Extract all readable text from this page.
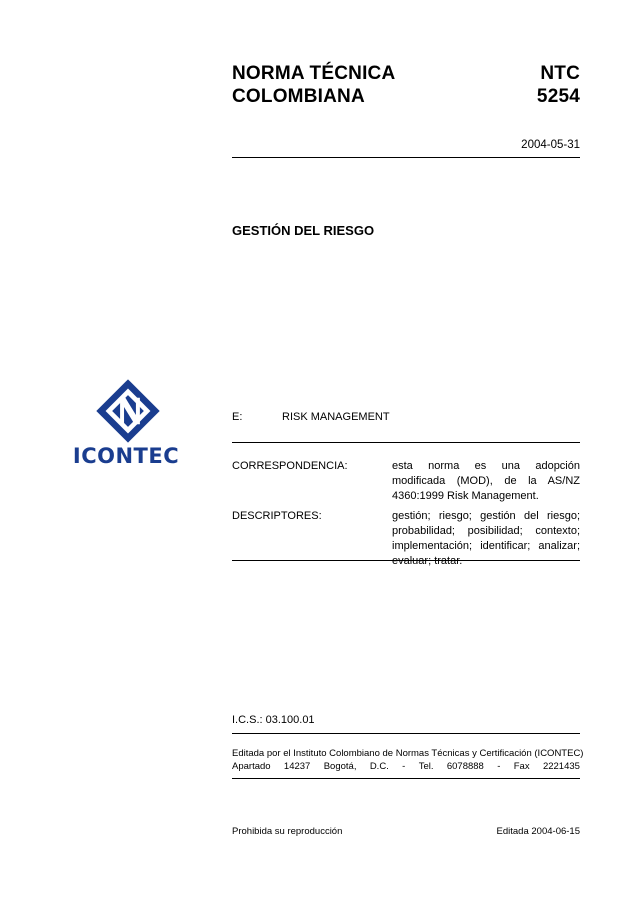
NORMA TÉCNICA
COLOMBIANA
NTC
5254
2004-05-31
GESTIÓN DEL RIESGO
ICONTEC
E:	RISK MANAGEMENT
CORRESPONDENCIA:	esta norma es una adopción modificada (MOD), de la AS/NZ 4360:1999 Risk Management.
DESCRIPTORES:	gestión; riesgo; gestión del riesgo; probabilidad; posibilidad; contexto; implementación; identificar; analizar; evaluar; tratar.
I.C.S.: 03.100.01
Editada por el Instituto Colombiano de Normas Técnicas y Certificación (ICONTEC)
Apartado 14237 Bogotá, D.C. - Tel. 6078888 - Fax 2221435
Prohibida su reproducción	Editada 2004-06-15
